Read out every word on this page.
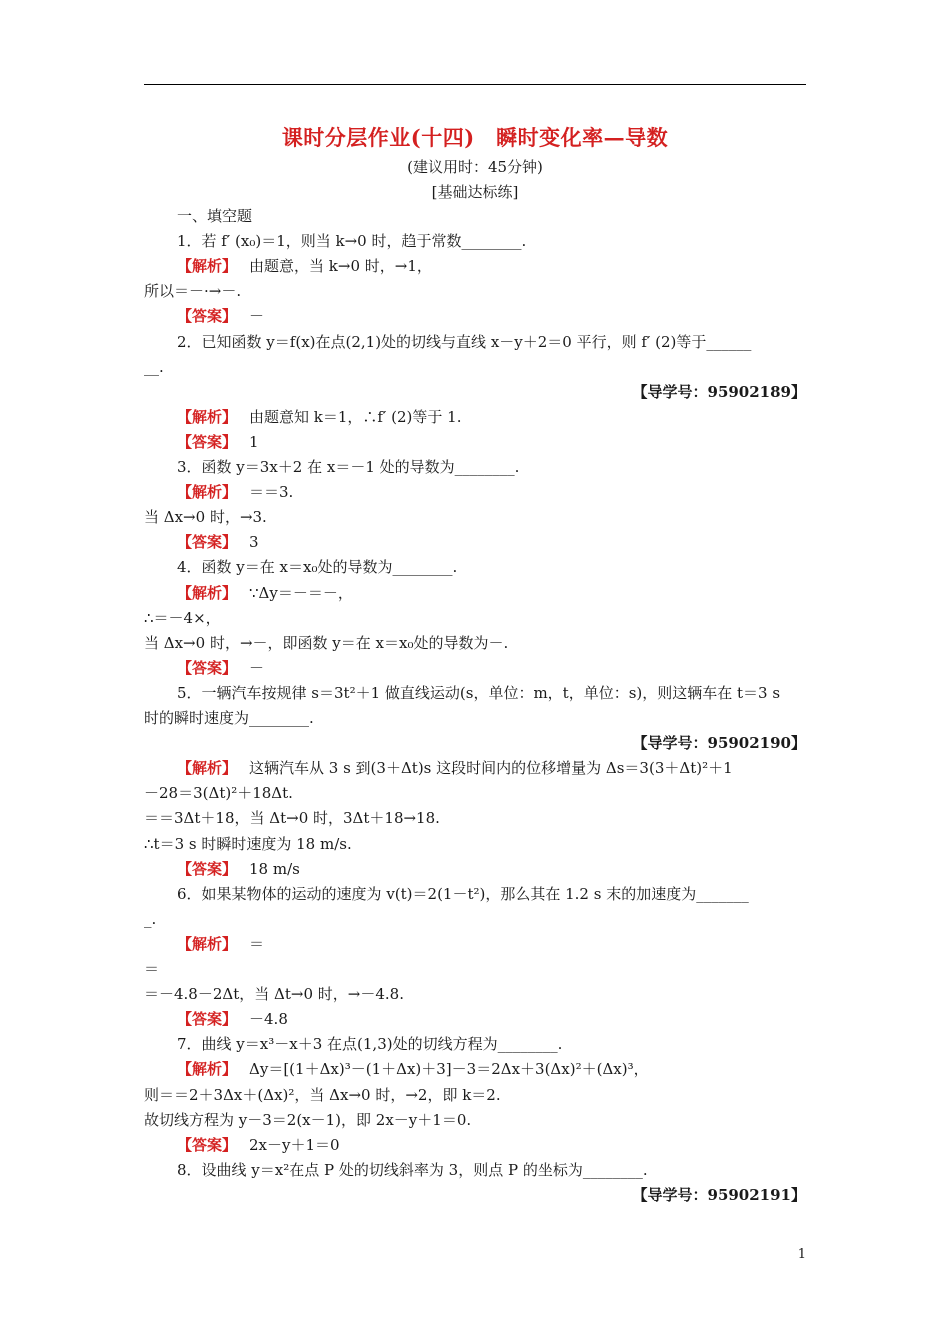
课时分层作业(十四)　瞬时变化率—导数
(建议用时：45分钟)
[基础达标练]
一、填空题
1．若 f′ (x₀)＝1，则当 k→0 时，趋于常数________.
【解析】 由题意，当 k→0 时，→1，
所以＝－·→－.
【答案】 －
2．已知函数 y＝f(x)在点(2,1)处的切线与直线 x－y＋2＝0 平行，则 f′ (2)等于______
__.
【导学号：95902189】
【解析】 由题意知 k＝1，∴f′ (2)等于 1.
【答案】 1
3．函数 y＝3x＋2 在 x＝－1 处的导数为________.
【解析】 ＝＝3.
当 Δx→0 时，→3.
【答案】 3
4．函数 y＝在 x＝x₀处的导数为________.
【解析】 ∵Δy＝－＝－，
∴＝－4×，
当 Δx→0 时，→－，即函数 y＝在 x＝x₀处的导数为－.
【答案】 －
5．一辆汽车按规律 s＝3t²＋1 做直线运动(s，单位：m，t，单位：s)，则这辆车在 t＝3 s
时的瞬时速度为________.
【导学号：95902190】
【解析】 这辆汽车从 3 s 到(3＋Δt)s 这段时间内的位移增量为 Δs＝3(3＋Δt)²＋1
－28＝3(Δt)²＋18Δt.
＝＝3Δt＋18，当 Δt→0 时，3Δt＋18→18.
∴t＝3 s 时瞬时速度为 18 m/s.
【答案】 18 m/s
6．如果某物体的运动的速度为 v(t)＝2(1－t²)，那么其在 1.2 s 末的加速度为_______
_.
【解析】 ＝
＝
＝－4.8－2Δt，当 Δt→0 时，→－4.8.
【答案】 －4.8
7．曲线 y＝x³－x＋3 在点(1,3)处的切线方程为________.
【解析】 Δy＝[(1＋Δx)³－(1＋Δx)＋3]－3＝2Δx＋3(Δx)²＋(Δx)³，
则＝＝2＋3Δx＋(Δx)²，当 Δx→0 时，→2，即 k＝2.
故切线方程为 y－3＝2(x－1)，即 2x－y＋1＝0.
【答案】 2x－y＋1＝0
8．设曲线 y＝x²在点 P 处的切线斜率为 3，则点 P 的坐标为________.
【导学号：95902191】
1
